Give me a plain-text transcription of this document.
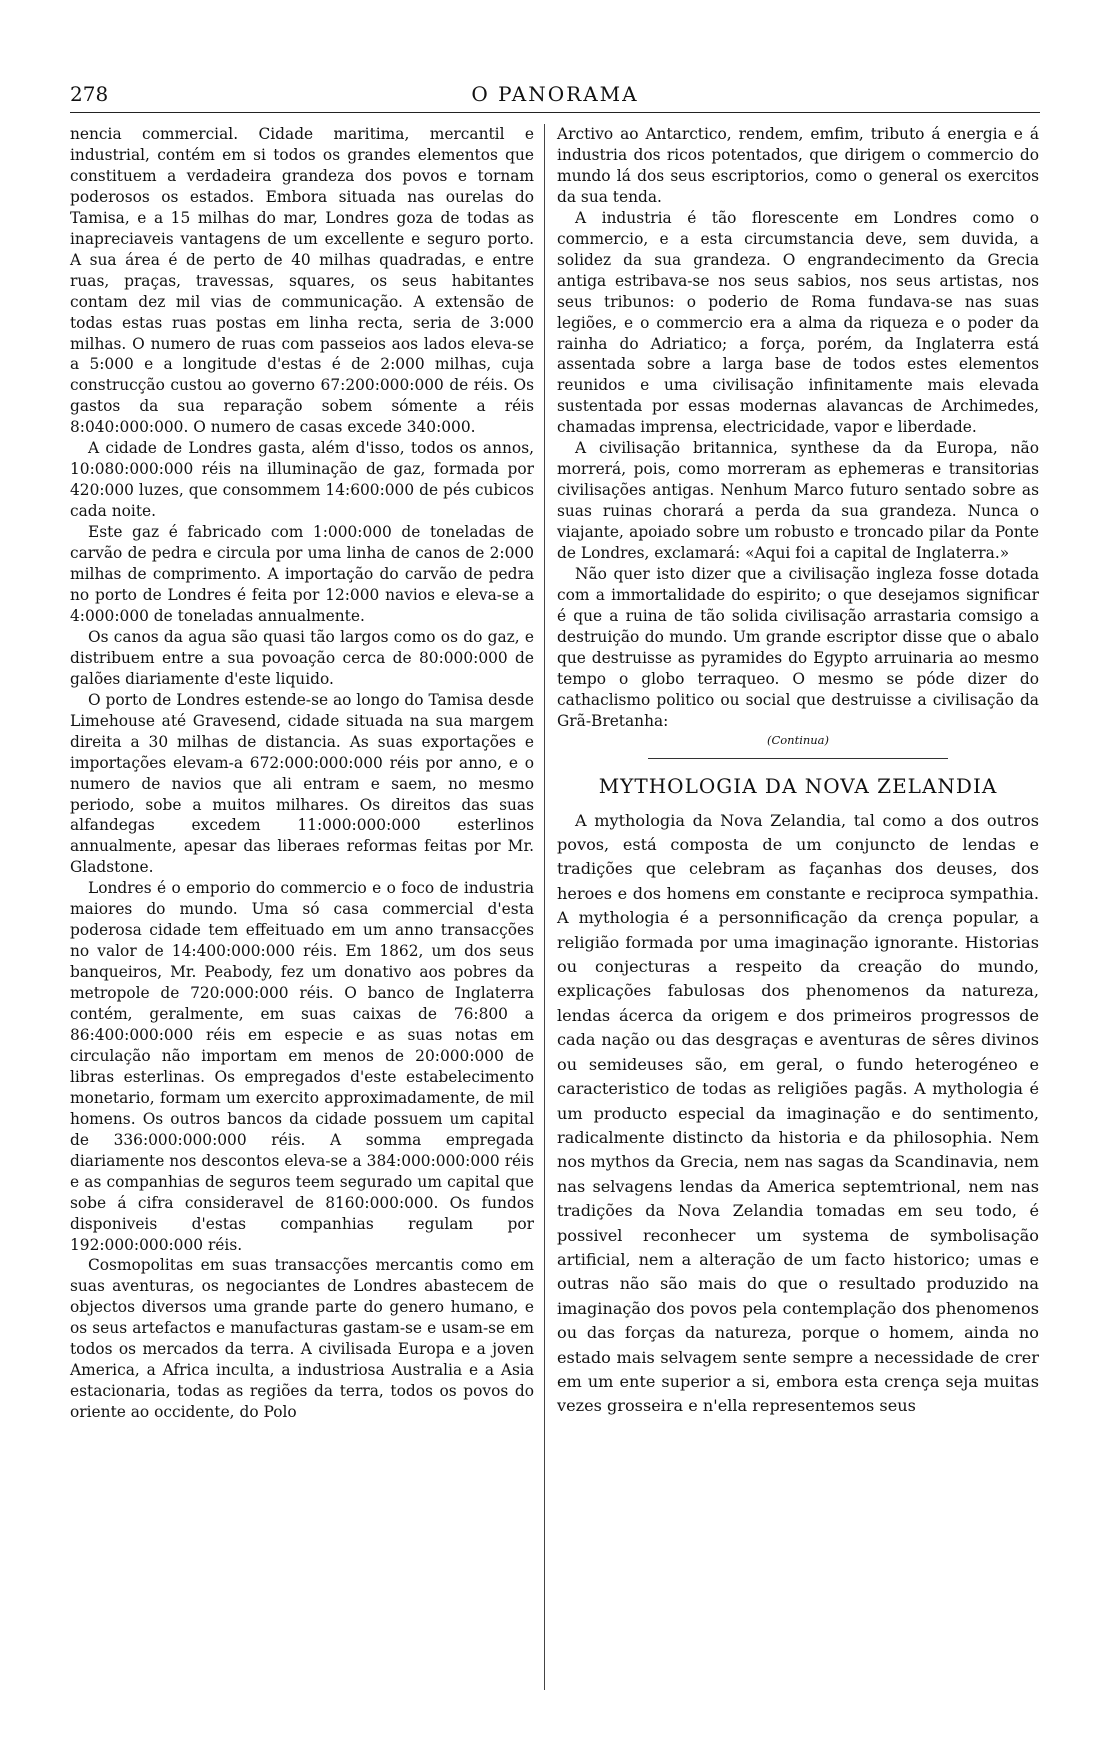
278	O PANORAMA

nencia commercial. Cidade maritima, mercantil e industrial, contém em si todos os grandes elementos que constituem a verdadeira grandeza dos povos e tornam poderosos os estados. Embora situada nas ourelas do Tamisa, e a 15 milhas do mar, Londres goza de todas as inapreciaveis vantagens de um excellente e seguro porto. A sua área é de perto de 40 milhas quadradas, e entre ruas, praças, travessas, squares, os seus habitantes contam dez mil vias de communicação. A extensão de todas estas ruas postas em linha recta, seria de 3:000 milhas. O numero de ruas com passeios aos lados eleva-se a 5:000 e a longitude d'estas é de 2:000 milhas, cuja construcção custou ao governo 67:200:000:000 de réis. Os gastos da sua reparação sobem sómente a réis 8:040:000:000. O numero de casas excede 340:000.

A cidade de Londres gasta, além d'isso, todos os annos, 10:080:000:000 réis na illuminação de gaz, formada por 420:000 luzes, que consommem 14:600:000 de pés cubicos cada noite.

Este gaz é fabricado com 1:000:000 de toneladas de carvão de pedra e circula por uma linha de canos de 2:000 milhas de comprimento. A importação do carvão de pedra no porto de Londres é feita por 12:000 navios e eleva-se a 4:000:000 de toneladas annualmente.

Os canos da agua são quasi tão largos como os do gaz, e distribuem entre a sua povoação cerca de 80:000:000 de galões diariamente d'este liquido.

O porto de Londres estende-se ao longo do Tamisa desde Limehouse até Gravesend, cidade situada na sua margem direita a 30 milhas de distancia. As suas exportações e importações elevam-a 672:000:000:000 réis por anno, e o numero de navios que ali entram e saem, no mesmo periodo, sobe a muitos milhares. Os direitos das suas alfandegas excedem 11:000:000:000 esterlinos annualmente, apesar das liberaes reformas feitas por Mr. Gladstone.

Londres é o emporio do commercio e o foco de industria maiores do mundo. Uma só casa commercial d'esta poderosa cidade tem effeituado em um anno transacções no valor de 14:400:000:000 réis. Em 1862, um dos seus banqueiros, Mr. Peabody, fez um donativo aos pobres da metropole de 720:000:000 réis. O banco de Inglaterra contém, geralmente, em suas caixas de 76:800 a 86:400:000:000 réis em especie e as suas notas em circulação não importam em menos de 20:000:000 de libras esterlinas. Os empregados d'este estabelecimento monetario, formam um exercito approximadamente, de mil homens. Os outros bancos da cidade possuem um capital de 336:000:000:000 réis. A somma empregada diariamente nos descontos eleva-se a 384:000:000:000 réis e as companhias de seguros teem segurado um capital que sobe á cifra consideravel de 8160:000:000. Os fundos disponiveis d'estas companhias regulam por 192:000:000:000 réis.

Cosmopolitas em suas transacções mercantis como em suas aventuras, os negociantes de Londres abastecem de objectos diversos uma grande parte do genero humano, e os seus artefactos e manufacturas gastam-se e usam-se em todos os mercados da terra. A civilisada Europa e a joven America, a Africa inculta, a industriosa Australia e a Asia estacionaria, todas as regiões da terra, todos os povos do oriente ao occidente, do Polo

Arctivo ao Antarctico, rendem, emfim, tributo á energia e á industria dos ricos potentados, que dirigem o commercio do mundo lá dos seus escriptorios, como o general os exercitos da sua tenda.

A industria é tão florescente em Londres como o commercio, e a esta circumstancia deve, sem duvida, a solidez da sua grandeza. O engrandecimento da Grecia antiga estribava-se nos seus sabios, nos seus artistas, nos seus tribunos: o poderio de Roma fundava-se nas suas legiões, e o commercio era a alma da riqueza e o poder da rainha do Adriatico; a força, porém, da Inglaterra está assentada sobre a larga base de todos estes elementos reunidos e uma civilisação infinitamente mais elevada sustentada por essas modernas alavancas de Archimedes, chamadas imprensa, electricidade, vapor e liberdade.

A civilisação britannica, synthese da da Europa, não morrerá, pois, como morreram as ephemeras e transitorias civilisações antigas. Nenhum Marco futuro sentado sobre as suas ruinas chorará a perda da sua grandeza. Nunca o viajante, apoiado sobre um robusto e troncado pilar da Ponte de Londres, exclamará: «Aqui foi a capital de Inglaterra.»

Não quer isto dizer que a civilisação ingleza fosse dotada com a immortalidade do espirito; o que desejamos significar é que a ruina de tão solida civilisação arrastaria comsigo a destruição do mundo. Um grande escriptor disse que o abalo que destruisse as pyramides do Egypto arruinaria ao mesmo tempo o globo terraqueo. O mesmo se póde dizer do cathaclismo politico ou social que destruisse a civilisação da Grã-Bretanha:

(Continua)
MYTHOLOGIA DA NOVA ZELANDIA

A mythologia da Nova Zelandia, tal como a dos outros povos, está composta de um conjuncto de lendas e tradições que celebram as façanhas dos deuses, dos heroes e dos homens em constante e reciproca sympathia. A mythologia é a personnificação da crença popular, a religião formada por uma imaginação ignorante. Historias ou conjecturas a respeito da creação do mundo, explicações fabulosas dos phenomenos da natureza, lendas ácerca da origem e dos primeiros progressos de cada nação ou das desgraças e aventuras de sêres divinos ou semideuses são, em geral, o fundo heterogéneo e caracteristico de todas as religiões pagãs. A mythologia é um producto especial da imaginação e do sentimento, radicalmente distincto da historia e da philosophia. Nem nos mythos da Grecia, nem nas sagas da Scandinavia, nem nas selvagens lendas da America septemtrional, nem nas tradições da Nova Zelandia tomadas em seu todo, é possivel reconhecer um systema de symbolisação artificial, nem a alteração de um facto historico; umas e outras não são mais do que o resultado produzido na imaginação dos povos pela contemplação dos phenomenos ou das forças da natureza, porque o homem, ainda no estado mais selvagem sente sempre a necessidade de crer em um ente superior a si, embora esta crença seja muitas vezes grosseira e n'ella representemos seus
